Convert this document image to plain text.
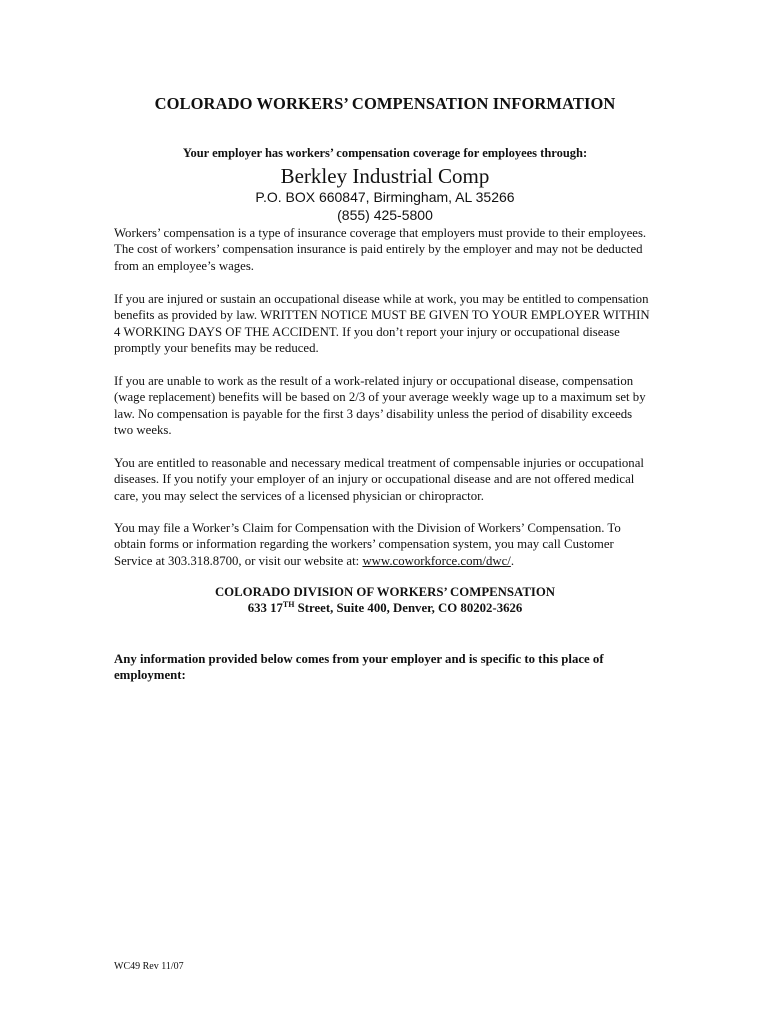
COLORADO WORKERS’ COMPENSATION INFORMATION
Your employer has workers’ compensation coverage for employees through:
Berkley Industrial Comp
P.O. BOX 660847, Birmingham, AL 35266
(855) 425-5800

Workers’ compensation is a type of insurance coverage that employers must provide to their employees. The cost of workers’ compensation insurance is paid entirely by the employer and may not be deducted from an employee’s wages.

If you are injured or sustain an occupational disease while at work, you may be entitled to compensation benefits as provided by law. WRITTEN NOTICE MUST BE GIVEN TO YOUR EMPLOYER WITHIN 4 WORKING DAYS OF THE ACCIDENT. If you don’t report your injury or occupational disease promptly your benefits may be reduced.

If you are unable to work as the result of a work-related injury or occupational disease, compensation (wage replacement) benefits will be based on 2/3 of your average weekly wage up to a maximum set by law. No compensation is payable for the first 3 days’ disability unless the period of disability exceeds two weeks.

You are entitled to reasonable and necessary medical treatment of compensable injuries or occupational diseases. If you notify your employer of an injury or occupational disease and are not offered medical care, you may select the services of a licensed physician or chiropractor.

You may file a Worker’s Claim for Compensation with the Division of Workers’ Compensation. To obtain forms or information regarding the workers’ compensation system, you may call Customer Service at 303.318.8700, or visit our website at: www.coworkforce.com/dwc/.

COLORADO DIVISION OF WORKERS’ COMPENSATION
633 17TH Street, Suite 400, Denver, CO 80202-3626
Any information provided below comes from your employer and is specific to this place of employment:
WC49 Rev 11/07
